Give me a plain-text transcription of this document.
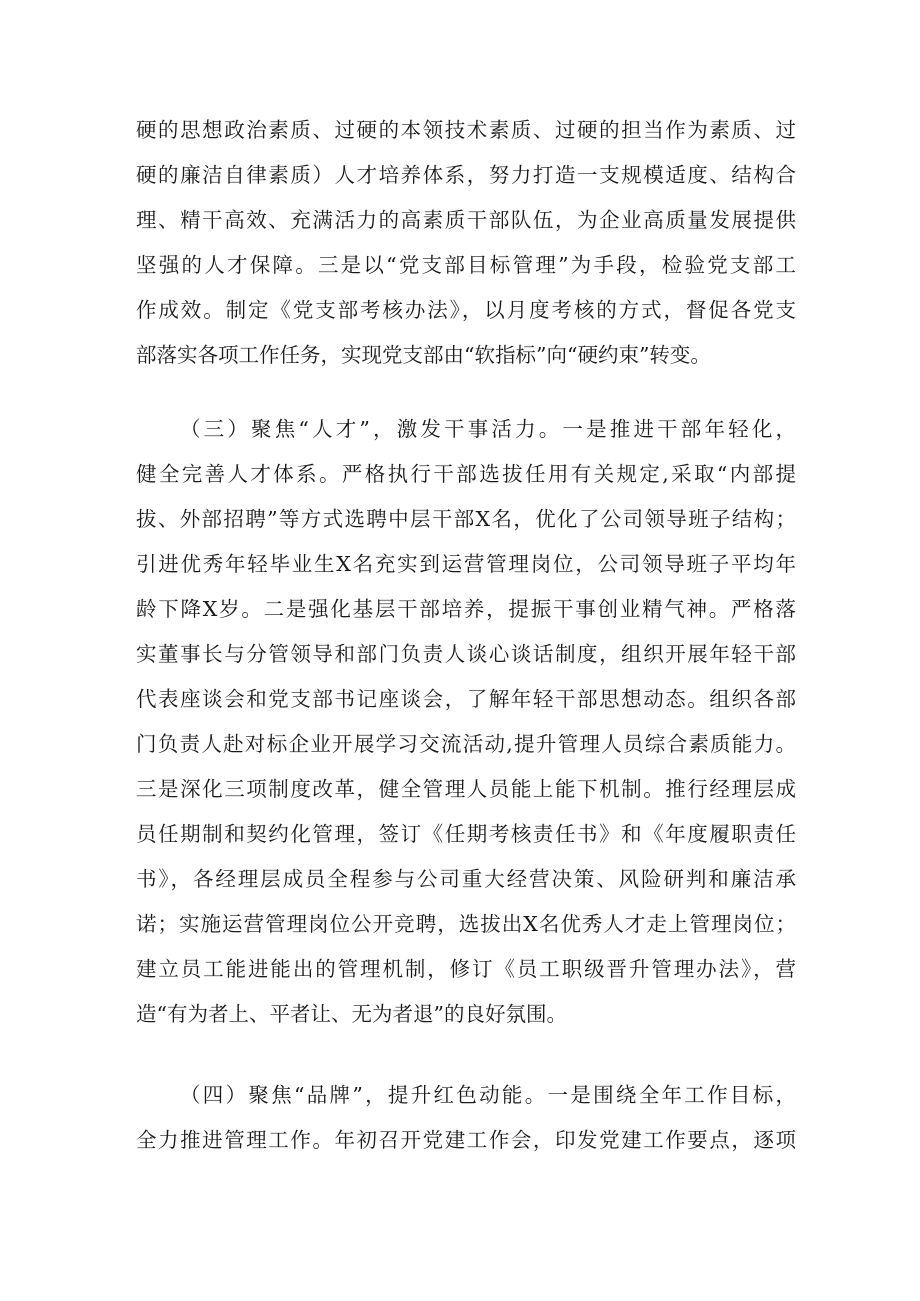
硬的思想政治素质、过硬的本领技术素质、过硬的担当作为素质、过
硬的廉洁自律素质）人才培养体系，努力打造一支规模适度、结构合
理、精干高效、充满活力的高素质干部队伍，为企业高质量发展提供
坚强的人才保障。三是以“党支部目标管理”为手段，检验党支部工
作成效。制定《党支部考核办法》，以月度考核的方式，督促各党支
部落实各项工作任务，实现党支部由“软指标”向“硬约束”转变。
（三）聚焦“人才”，激发干事活力。一是推进干部年轻化，
健全完善人才体系。严格执行干部选拔任用有关规定,采取“内部提
拔、外部招聘”等方式选聘中层干部X名，优化了公司领导班子结构；
引进优秀年轻毕业生X名充实到运营管理岗位，公司领导班子平均年
龄下降X岁。二是强化基层干部培养，提振干事创业精气神。严格落
实董事长与分管领导和部门负责人谈心谈话制度，组织开展年轻干部
代表座谈会和党支部书记座谈会，了解年轻干部思想动态。组织各部
门负责人赴对标企业开展学习交流活动,提升管理人员综合素质能力。
三是深化三项制度改革，健全管理人员能上能下机制。推行经理层成
员任期制和契约化管理，签订《任期考核责任书》和《年度履职责任
书》，各经理层成员全程参与公司重大经营决策、风险研判和廉洁承
诺；实施运营管理岗位公开竞聘，选拔出X名优秀人才走上管理岗位；
建立员工能进能出的管理机制，修订《员工职级晋升管理办法》，营
造“有为者上、平者让、无为者退”的良好氛围。
（四）聚焦“品牌”，提升红色动能。一是围绕全年工作目标，
全力推进管理工作。年初召开党建工作会，印发党建工作要点，逐项
